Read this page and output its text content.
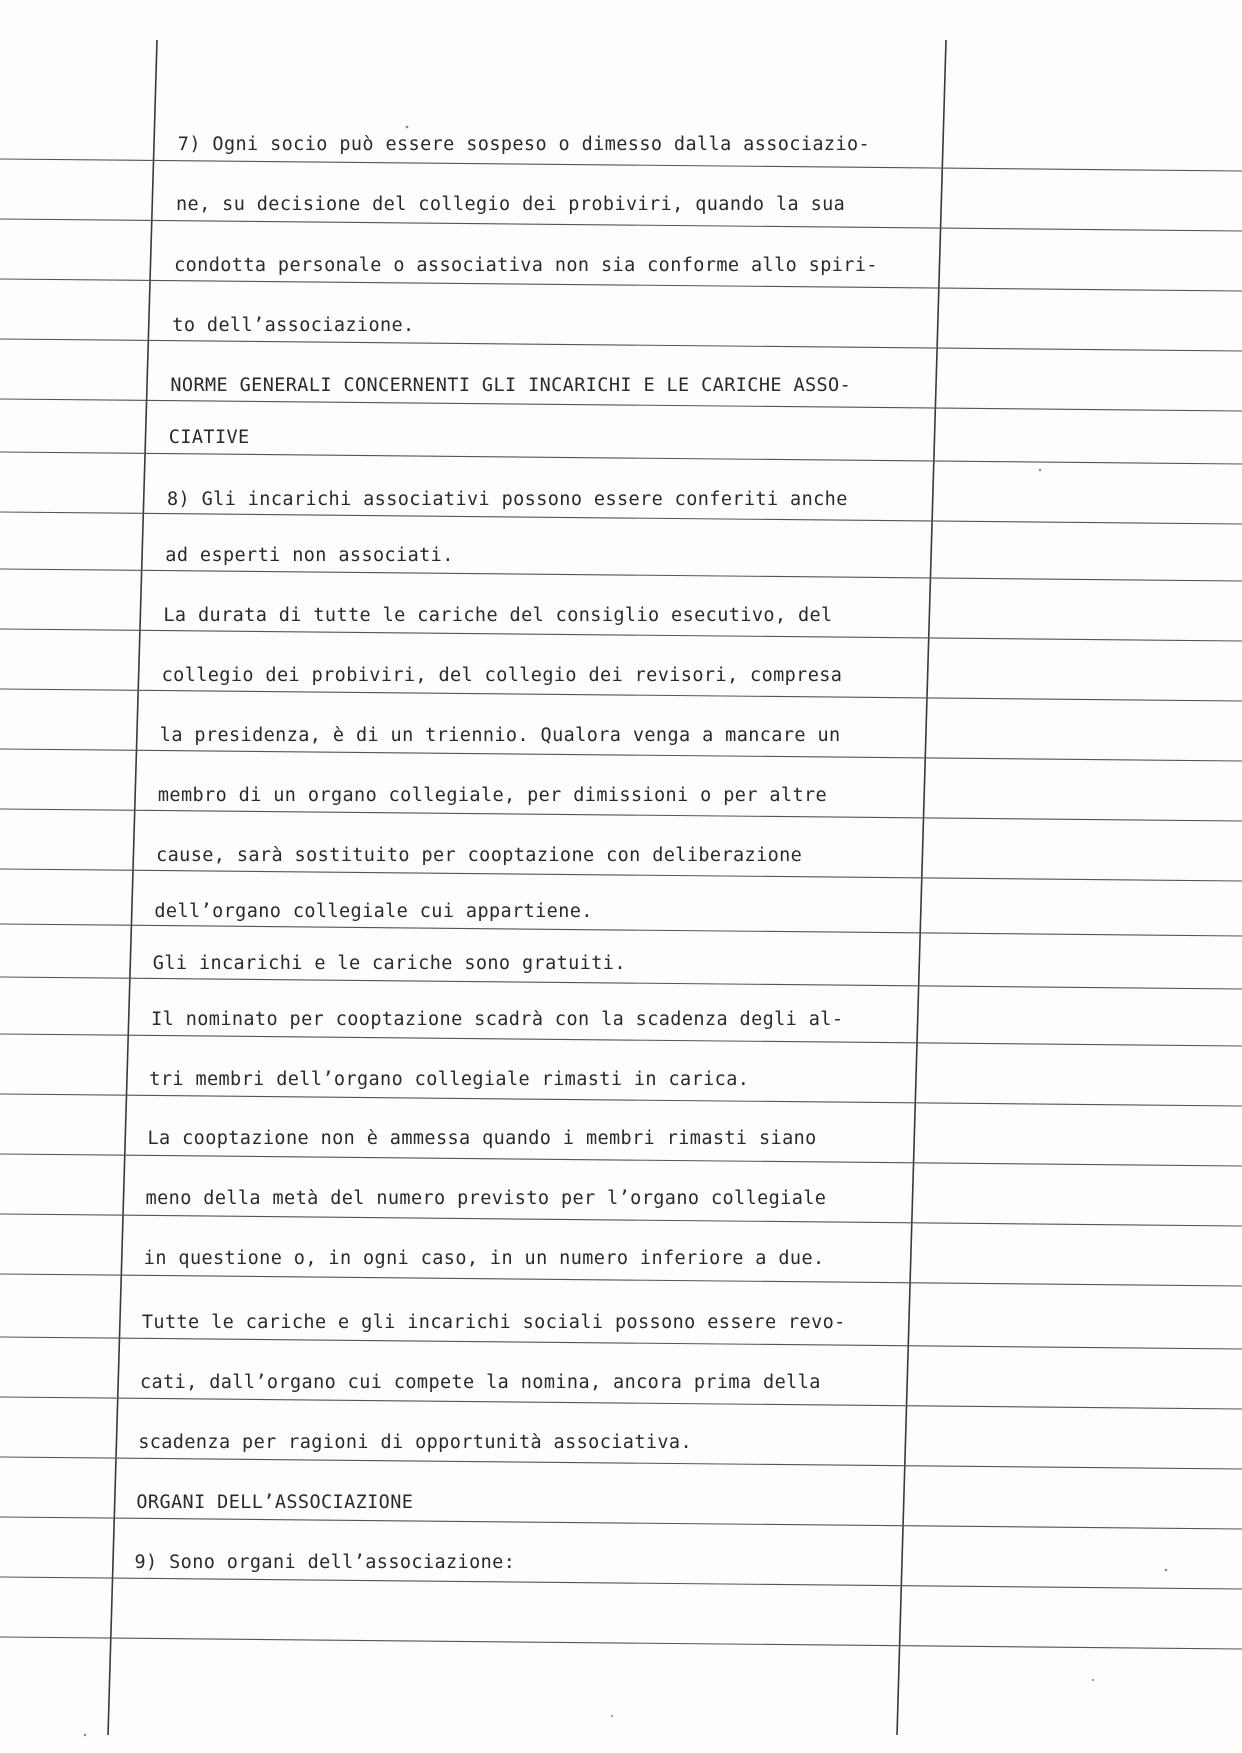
7) Ogni socio può essere sospeso o dimesso dalla associazio-
ne, su decisione del collegio dei probiviri, quando la sua
condotta personale o associativa non sia conforme allo spiri-
to dell’associazione.
NORME GENERALI CONCERNENTI GLI INCARICHI E LE CARICHE ASSO-
CIATIVE
8) Gli incarichi associativi possono essere conferiti anche
ad esperti non associati.
La durata di tutte le cariche del consiglio esecutivo, del
collegio dei probiviri, del collegio dei revisori, compresa
la presidenza, è di un triennio. Qualora venga a mancare un
membro di un organo collegiale, per dimissioni o per altre
cause, sarà sostituito per cooptazione con deliberazione
dell’organo collegiale cui appartiene.
Gli incarichi e le cariche sono gratuiti.
Il nominato per cooptazione scadrà con la scadenza degli al-
tri membri dell’organo collegiale rimasti in carica.
La cooptazione non è ammessa quando i membri rimasti siano
meno della metà del numero previsto per l’organo collegiale
in questione o, in ogni caso, in un numero inferiore a due.
Tutte le cariche e gli incarichi sociali possono essere revo-
cati, dall’organo cui compete la nomina, ancora prima della
scadenza per ragioni di opportunità associativa.
ORGANI DELL’ASSOCIAZIONE
9) Sono organi dell’associazione:
